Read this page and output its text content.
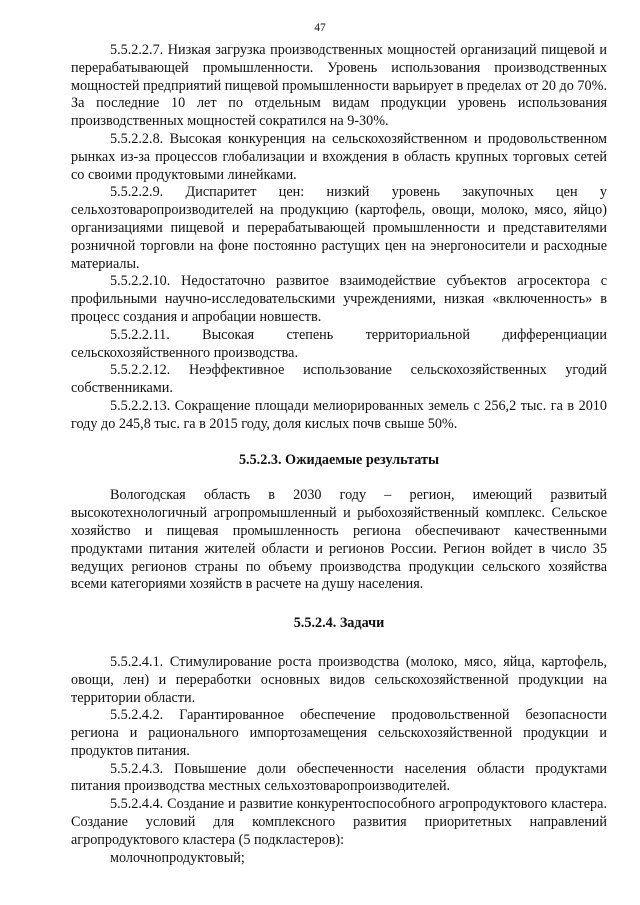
47

5.5.2.2.7. Низкая загрузка производственных мощностей организаций пищевой и перерабатывающей промышленности. Уровень использования производственных мощностей предприятий пищевой промышленности варьирует в пределах от 20 до 70%. За последние 10 лет по отдельным видам продукции уровень использования производственных мощностей сократился на 9-30%.

5.5.2.2.8. Высокая конкуренция на сельскохозяйственном и продовольственном рынках из-за процессов глобализации и вхождения в область крупных торговых сетей со своими продуктовыми линейками.

5.5.2.2.9. Диспаритет цен: низкий уровень закупочных цен у сельхозтоваропроизводителей на продукцию (картофель, овощи, молоко, мясо, яйцо) организациями пищевой и перерабатывающей промышленности и представителями розничной торговли на фоне постоянно растущих цен на энергоносители и расходные материалы.

5.5.2.2.10. Недостаточно развитое взаимодействие субъектов агросектора с профильными научно-исследовательскими учреждениями, низкая «включенность» в процесс создания и апробации новшеств.

5.5.2.2.11. Высокая степень территориальной дифференциации сельскохозяйственного производства.

5.5.2.2.12. Неэффективное использование сельскохозяйственных угодий собственниками.

5.5.2.2.13. Сокращение площади мелиорированных земель с 256,2 тыс. га в 2010 году до 245,8 тыс. га в 2015 году, доля кислых почв свыше 50%.

5.5.2.3. Ожидаемые результаты

Вологодская область в 2030 году – регион, имеющий развитый высокотехнологичный агропромышленный и рыбохозяйственный комплекс. Сельское хозяйство и пищевая промышленность региона обеспечивают качественными продуктами питания жителей области и регионов России. Регион войдет в число 35 ведущих регионов страны по объему производства продукции сельского хозяйства всеми категориями хозяйств в расчете на душу населения.

5.5.2.4. Задачи

5.5.2.4.1. Стимулирование роста производства (молоко, мясо, яйца, картофель, овощи, лен) и переработки основных видов сельскохозяйственной продукции на территории области.

5.5.2.4.2. Гарантированное обеспечение продовольственной безопасности региона и рационального импортозамещения сельскохозяйственной продукции и продуктов питания.

5.5.2.4.3. Повышение доли обеспеченности населения области продуктами питания производства местных сельхозтоваропроизводителей.

5.5.2.4.4. Создание и развитие конкурентоспособного агропродуктового кластера. Создание условий для комплексного развития приоритетных направлений агропродуктового кластера (5 подкластеров):

молочнопродуктовый;
